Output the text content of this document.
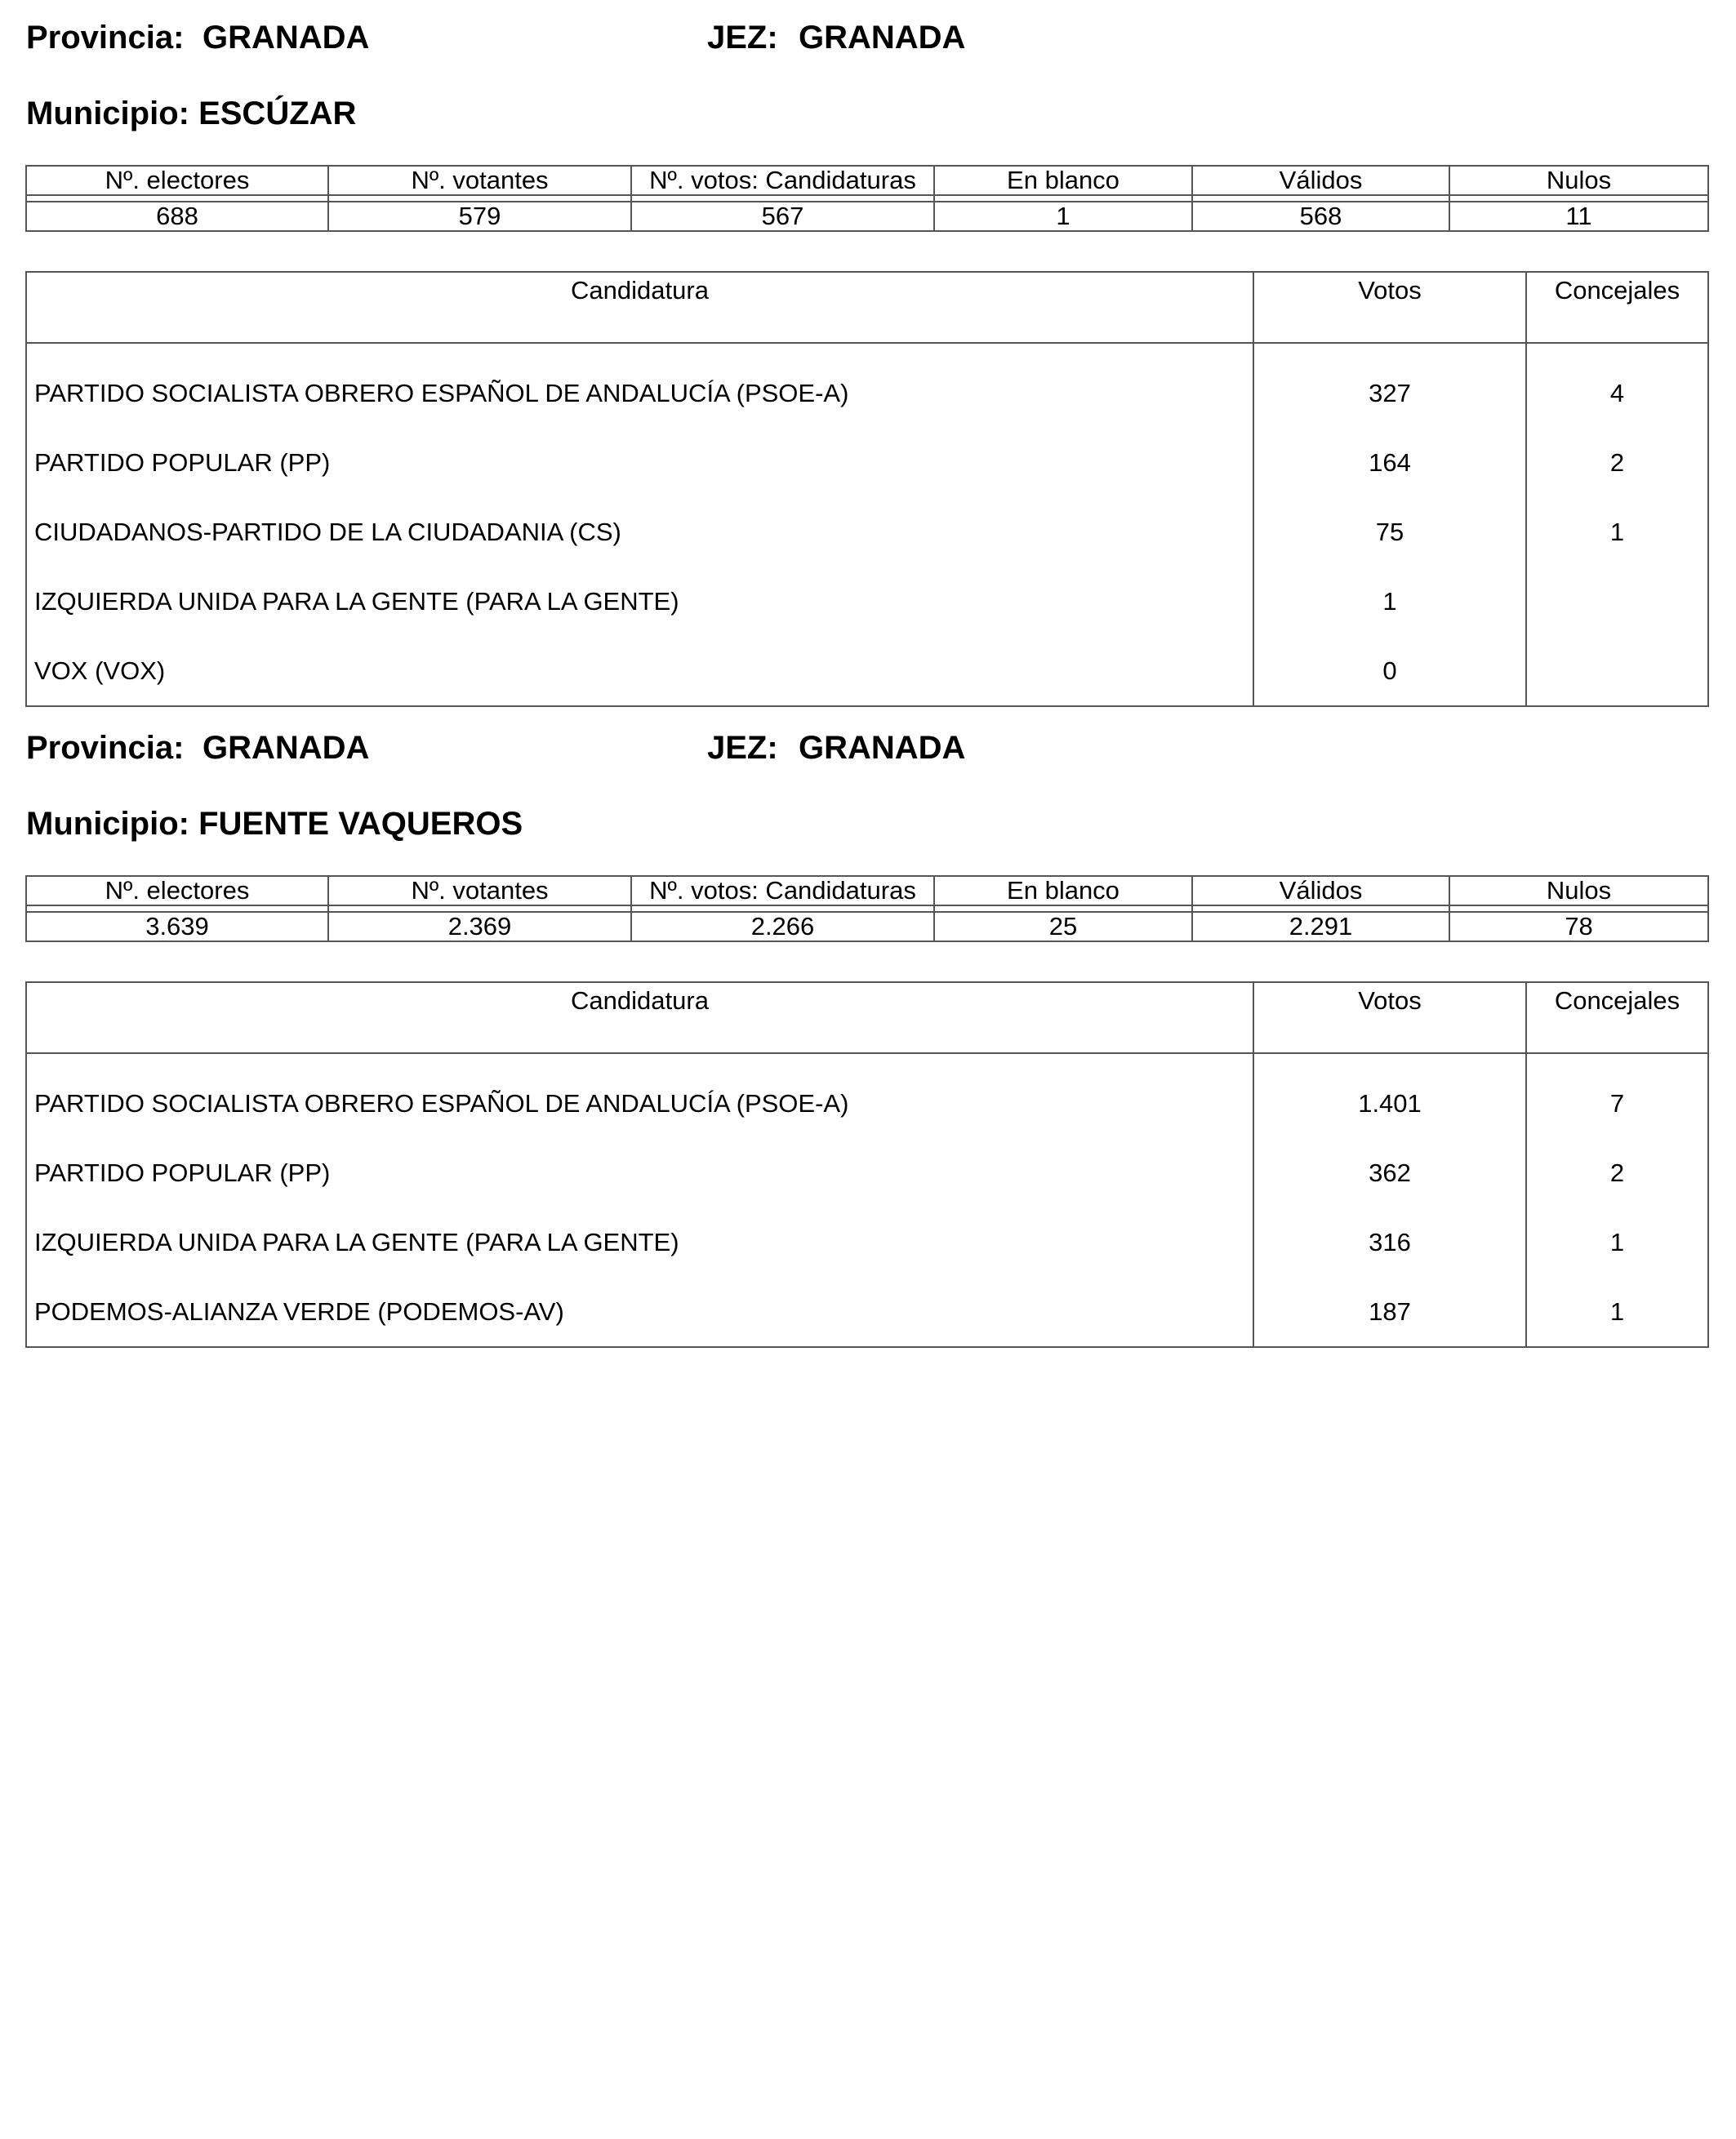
Provincia: GRANADA	JEZ: GRANADA
Municipio: ESCÚZAR
Nº. electores	Nº. votantes	Nº. votos: Candidaturas	En blanco	Válidos	Nulos

688	579	567	1	568	11
Candidatura	Votos	Concejales
PARTIDO SOCIALISTA OBRERO ESPAÑOL DE ANDALUCÍA (PSOE-A)	327	4
PARTIDO POPULAR (PP)	164	2
CIUDADANOS-PARTIDO DE LA CIUDADANIA (CS)	75	1
IZQUIERDA UNIDA PARA LA GENTE (PARA LA GENTE)	1	
VOX (VOX)	0	
Provincia: GRANADA	JEZ: GRANADA
Municipio: FUENTE VAQUEROS
Nº. electores	Nº. votantes	Nº. votos: Candidaturas	En blanco	Válidos	Nulos

3.639	2.369	2.266	25	2.291	78
Candidatura	Votos	Concejales
PARTIDO SOCIALISTA OBRERO ESPAÑOL DE ANDALUCÍA (PSOE-A)	1.401	7
PARTIDO POPULAR (PP)	362	2
IZQUIERDA UNIDA PARA LA GENTE (PARA LA GENTE)	316	1
PODEMOS-ALIANZA VERDE (PODEMOS-AV)	187	1
